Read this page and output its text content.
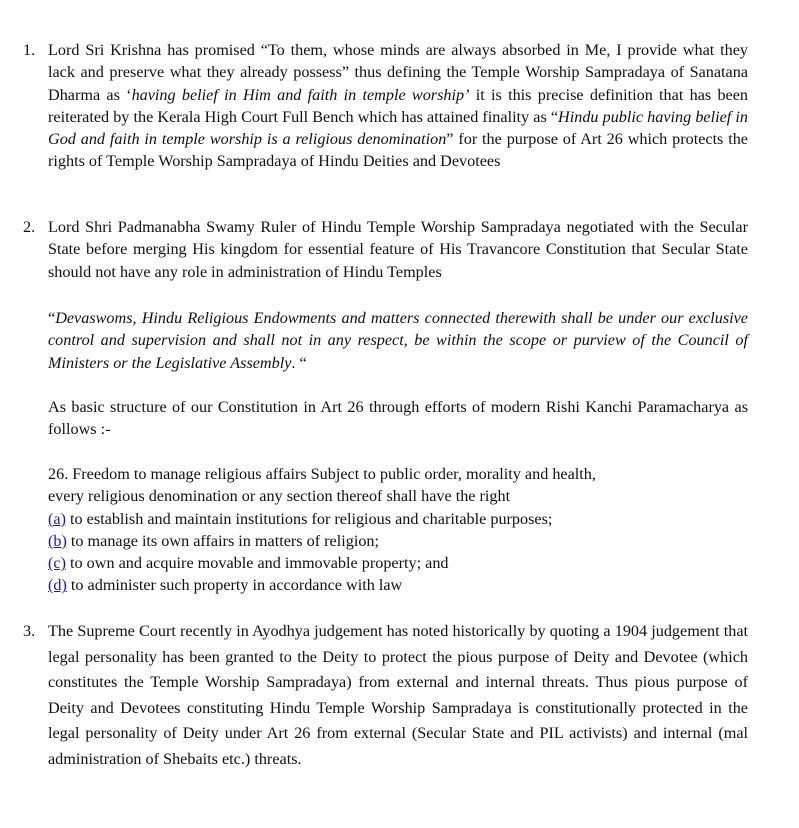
1. Lord Sri Krishna has promised “To them, whose minds are always absorbed in Me, I provide what they lack and preserve what they already possess” thus defining the Temple Worship Sampradaya of Sanatana Dharma as ‘having belief in Him and faith in temple worship’ it is this precise definition that has been reiterated by the Kerala High Court Full Bench which has attained finality as “Hindu public having belief in God and faith in temple worship is a religious denomination” for the purpose of Art 26 which protects the rights of Temple Worship Sampradaya of Hindu Deities and Devotees

2. Lord Shri Padmanabha Swamy Ruler of Hindu Temple Worship Sampradaya negotiated with the Secular State before merging His kingdom for essential feature of His Travancore Constitution that Secular State should not have any role in administration of Hindu Temples

“Devaswoms, Hindu Religious Endowments and matters connected therewith shall be under our exclusive control and supervision and shall not in any respect, be within the scope or purview of the Council of Ministers or the Legislative Assembly. “

As basic structure of our Constitution in Art 26 through efforts of modern Rishi Kanchi Paramacharya as follows :-

26. Freedom to manage religious affairs Subject to public order, morality and health,
every religious denomination or any section thereof shall have the right
(a) to establish and maintain institutions for religious and charitable purposes;
(b) to manage its own affairs in matters of religion;
(c) to own and acquire movable and immovable property; and
(d) to administer such property in accordance with law
3. The Supreme Court recently in Ayodhya judgement has noted historically by quoting a 1904 judgement that legal personality has been granted to the Deity to protect the pious purpose of Deity and Devotee (which constitutes the Temple Worship Sampradaya) from external and internal threats. Thus pious purpose of Deity and Devotees constituting Hindu Temple Worship Sampradaya is constitutionally protected in the legal personality of Deity under Art 26 from external (Secular State and PIL activists) and internal (mal administration of Shebaits etc.) threats.
